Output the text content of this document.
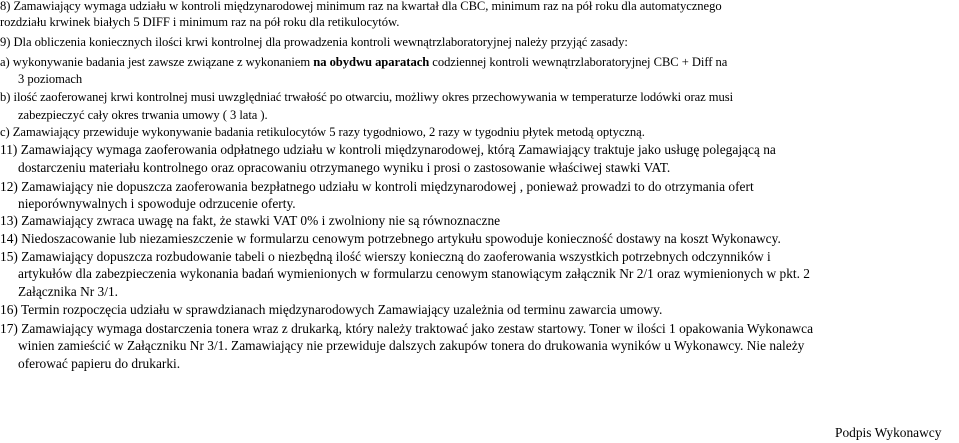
8) Zamawiający wymaga udziału w kontroli międzynarodowej minimum raz na kwartał dla CBC, minimum raz na pół roku dla automatycznego
rozdziału krwinek białych 5 DIFF i minimum raz na pół roku dla retikulocytów.
9) Dla obliczenia koniecznych ilości krwi kontrolnej dla prowadzenia kontroli wewnątrzlaboratoryjnej należy przyjąć zasady:
a) wykonywanie badania jest zawsze związane z wykonaniem na obydwu aparatach codziennej kontroli wewnątrzlaboratoryjnej CBC + Diff na
3 poziomach
b) ilość zaoferowanej krwi kontrolnej musi uwzględniać trwałość po otwarciu, możliwy okres przechowywania w temperaturze lodówki oraz musi
zabezpieczyć cały okres trwania umowy ( 3 lata ).
c) Zamawiający przewiduje wykonywanie badania retikulocytów 5 razy tygodniowo, 2 razy w tygodniu płytek metodą optyczną.
11) Zamawiający wymaga zaoferowania odpłatnego udziału w kontroli międzynarodowej, którą Zamawiający traktuje jako usługę polegającą na
dostarczeniu materiału kontrolnego oraz opracowaniu otrzymanego wyniku i prosi o zastosowanie właściwej stawki VAT.
12) Zamawiający nie dopuszcza zaoferowania bezpłatnego udziału w kontroli międzynarodowej , ponieważ prowadzi to do otrzymania ofert
nieporównywalnych i spowoduje odrzucenie oferty.
13) Zamawiający zwraca uwagę na fakt, że stawki VAT 0% i zwolniony nie są równoznaczne
14) Niedoszacowanie lub niezamieszczenie w formularzu cenowym potrzebnego artykułu spowoduje konieczność dostawy na koszt Wykonawcy.
15) Zamawiający dopuszcza rozbudowanie tabeli o niezbędną ilość wierszy konieczną do zaoferowania wszystkich potrzebnych odczynników i
artykułów dla zabezpieczenia wykonania badań wymienionych w formularzu cenowym stanowiącym załącznik Nr 2/1 oraz wymienionych w pkt. 2
Załącznika Nr 3/1.
16) Termin rozpoczęcia udziału w sprawdzianach międzynarodowych Zamawiający uzależnia od terminu zawarcia umowy.
17) Zamawiający wymaga dostarczenia tonera wraz z drukarką, który należy traktować jako zestaw startowy. Toner w ilości 1 opakowania Wykonawca
winien zamieścić w Załączniku Nr 3/1. Zamawiający nie przewiduje dalszych zakupów tonera do drukowania wyników u Wykonawcy. Nie należy
oferować papieru do drukarki.
Podpis Wykonawcy
